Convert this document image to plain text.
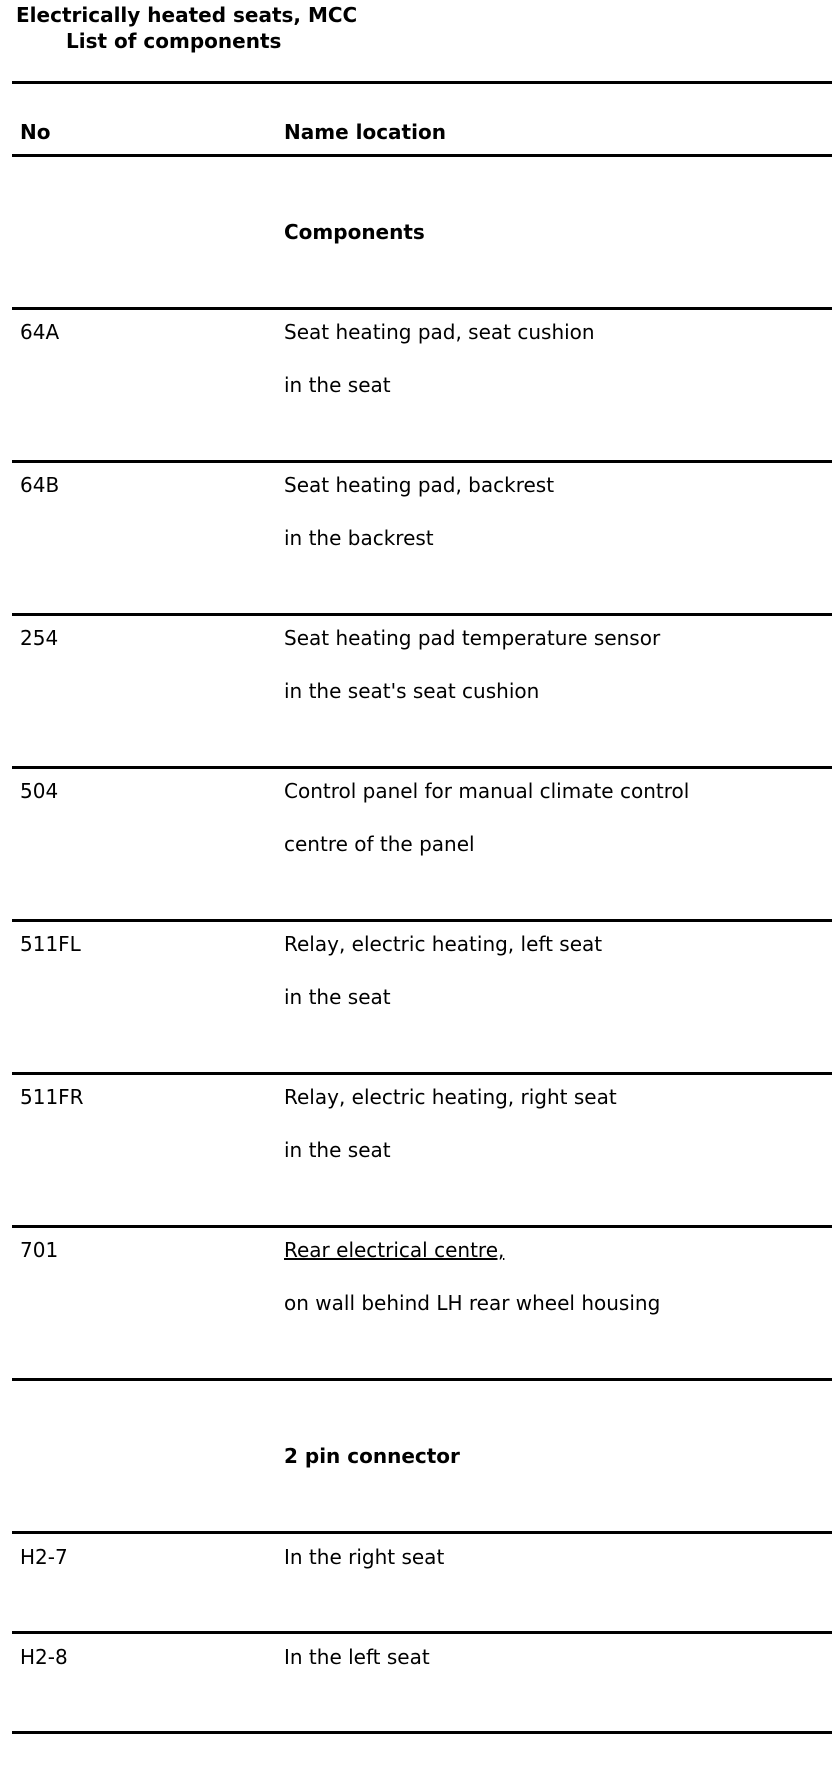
Electrically heated seats, MCC
List of components
No	Name location
Components
64A	Seat heating pad, seat cushion
in the seat
64B	Seat heating pad, backrest
in the backrest
254	Seat heating pad temperature sensor
in the seat's seat cushion
504	Control panel for manual climate control
centre of the panel
511FL	Relay, electric heating, left seat
in the seat
511FR	Relay, electric heating, right seat
in the seat
701	Rear electrical centre,
on wall behind LH rear wheel housing
2 pin connector
H2-7	In the right seat
H2-8	In the left seat
